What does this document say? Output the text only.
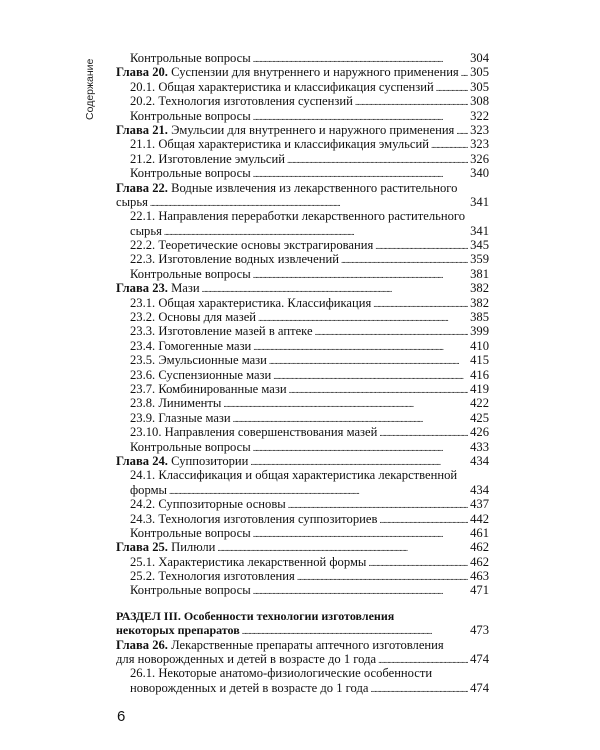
Содержание
Контрольные вопросы . . .	304
Глава 20. Суспензии для внутреннего и наружного применения . . . 305
20.1. Общая характеристика и классификация суспензий . . .	305
20.2. Технология изготовления суспензий . . .	308
Контрольные вопросы . . .	322
Глава 21. Эмульсии для внутреннего и наружного применения . . . 323
21.1. Общая характеристика и классификация эмульсий . . .	323
21.2. Изготовление эмульсий . . .	326
Контрольные вопросы . . .	340
Глава 22. Водные извлечения из лекарственного растительного
сырья . . .	341
22.1. Направления переработки лекарственного растительного
сырья . . .	341
22.2. Теоретические основы экстрагирования . . .	345
22.3. Изготовление водных извлечений . . .	359
Контрольные вопросы . . .	381
Глава 23. Мази . . .	382
23.1. Общая характеристика. Классификация . . .	382
23.2. Основы для мазей . . .	385
23.3. Изготовление мазей в аптеке . . .	399
23.4. Гомогенные мази . . .	410
23.5. Эмульсионные мази . . .	415
23.6. Суспензионные мази . . .	416
23.7. Комбинированные мази . . .	419
23.8. Линименты . . .	422
23.9. Глазные мази . . .	425
23.10. Направления совершенствования мазей . . .	426
Контрольные вопросы . . .	433
Глава 24. Суппозитории . . .	434
24.1. Классификация и общая характеристика лекарственной
формы . . .	434
24.2. Суппозиторные основы . . .	437
24.3. Технология изготовления суппозиториев . . .	442
Контрольные вопросы . . .	461
Глава 25. Пилюли . . .	462
25.1. Характеристика лекарственной формы . . .	462
25.2. Технология изготовления . . .	463
Контрольные вопросы . . .	471
РАЗДЕЛ III. Особенности технологии изготовления
некоторых препаратов . . .	473
Глава 26. Лекарственные препараты аптечного изготовления
для новорожденных и детей в возрасте до 1 года . . .	474
26.1. Некоторые анатомо-физиологические особенности
новорожденных и детей в возрасте до 1 года . . .	474
6
